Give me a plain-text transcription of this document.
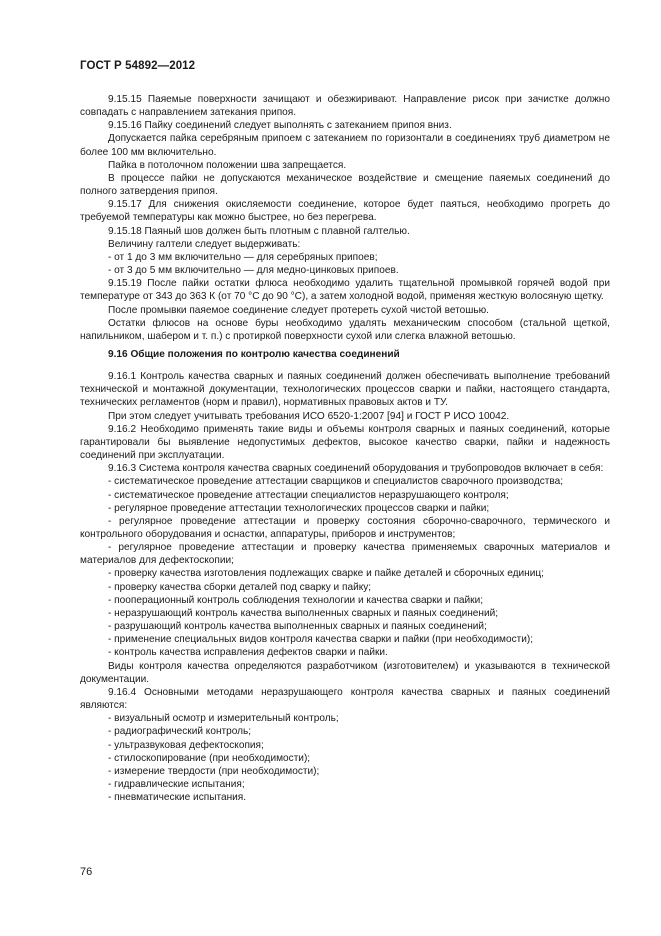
ГОСТ Р 54892—2012

9.15.15 Паяемые поверхности зачищают и обезжиривают. Направление рисок при зачистке должно совпадать с направлением затекания припоя.

9.15.16 Пайку соединений следует выполнять с затеканием припоя вниз.

Допускается пайка серебряным припоем с затеканием по горизонтали в соединениях труб диаметром не более 100 мм включительно.

Пайка в потолочном положении шва запрещается.

В процессе пайки не допускаются механическое воздействие и смещение паяемых соединений до полного затвердения припоя.

9.15.17 Для снижения окисляемости соединение, которое будет паяться, необходимо прогреть до требуемой температуры как можно быстрее, но без перегрева.

9.15.18 Паяный шов должен быть плотным с плавной галтелью.

Величину галтели следует выдерживать:

- от 1 до 3 мм включительно — для серебряных припоев;

- от 3 до 5 мм включительно — для медно-цинковых припоев.

9.15.19 После пайки остатки флюса необходимо удалить тщательной промывкой горячей водой при температуре от 343 до 363 К (от 70 °С до 90 °С), а затем холодной водой, применяя жесткую волосяную щетку.

После промывки паяемое соединение следует протереть сухой чистой ветошью.

Остатки флюсов на основе буры необходимо удалять механическим способом (стальной щеткой, напильником, шабером и т. п.) с протиркой поверхности сухой или слегка влажной ветошью.

9.16 Общие положения по контролю качества соединений

9.16.1 Контроль качества сварных и паяных соединений должен обеспечивать выполнение требований технической и монтажной документации, технологических процессов сварки и пайки, настоящего стандарта, технических регламентов (норм и правил), нормативных правовых актов и ТУ.

При этом следует учитывать требования ИСО 6520-1:2007 [94] и ГОСТ Р ИСО 10042.

9.16.2 Необходимо применять такие виды и объемы контроля сварных и паяных соединений, которые гарантировали бы выявление недопустимых дефектов, высокое качество сварки, пайки и надежность соединений при эксплуатации.

9.16.3 Система контроля качества сварных соединений оборудования и трубопроводов включает в себя:

- систематическое проведение аттестации сварщиков и специалистов сварочного производства;

- систематическое проведение аттестации специалистов неразрушающего контроля;

- регулярное проведение аттестации технологических процессов сварки и пайки;

- регулярное проведение аттестации и проверку состояния сборочно-сварочного, термического и контрольного оборудования и оснастки, аппаратуры, приборов и инструментов;

- регулярное проведение аттестации и проверку качества применяемых сварочных материалов и материалов для дефектоскопии;

- проверку качества изготовления подлежащих сварке и пайке деталей и сборочных единиц;

- проверку качества сборки деталей под сварку и пайку;

- пооперационный контроль соблюдения технологии и качества сварки и пайки;

- неразрушающий контроль качества выполненных сварных и паяных соединений;

- разрушающий контроль качества выполненных сварных и паяных соединений;

- применение специальных видов контроля качества сварки и пайки (при необходимости);

- контроль качества исправления дефектов сварки и пайки.

Виды контроля качества определяются разработчиком (изготовителем) и указываются в технической документации.

9.16.4 Основными методами неразрушающего контроля качества сварных и паяных соединений являются:

- визуальный осмотр и измерительный контроль;

- радиографический контроль;

- ультразвуковая дефектоскопия;

- стилоскопирование (при необходимости);

- измерение твердости (при необходимости);

- гидравлические испытания;

- пневматические испытания.

76
